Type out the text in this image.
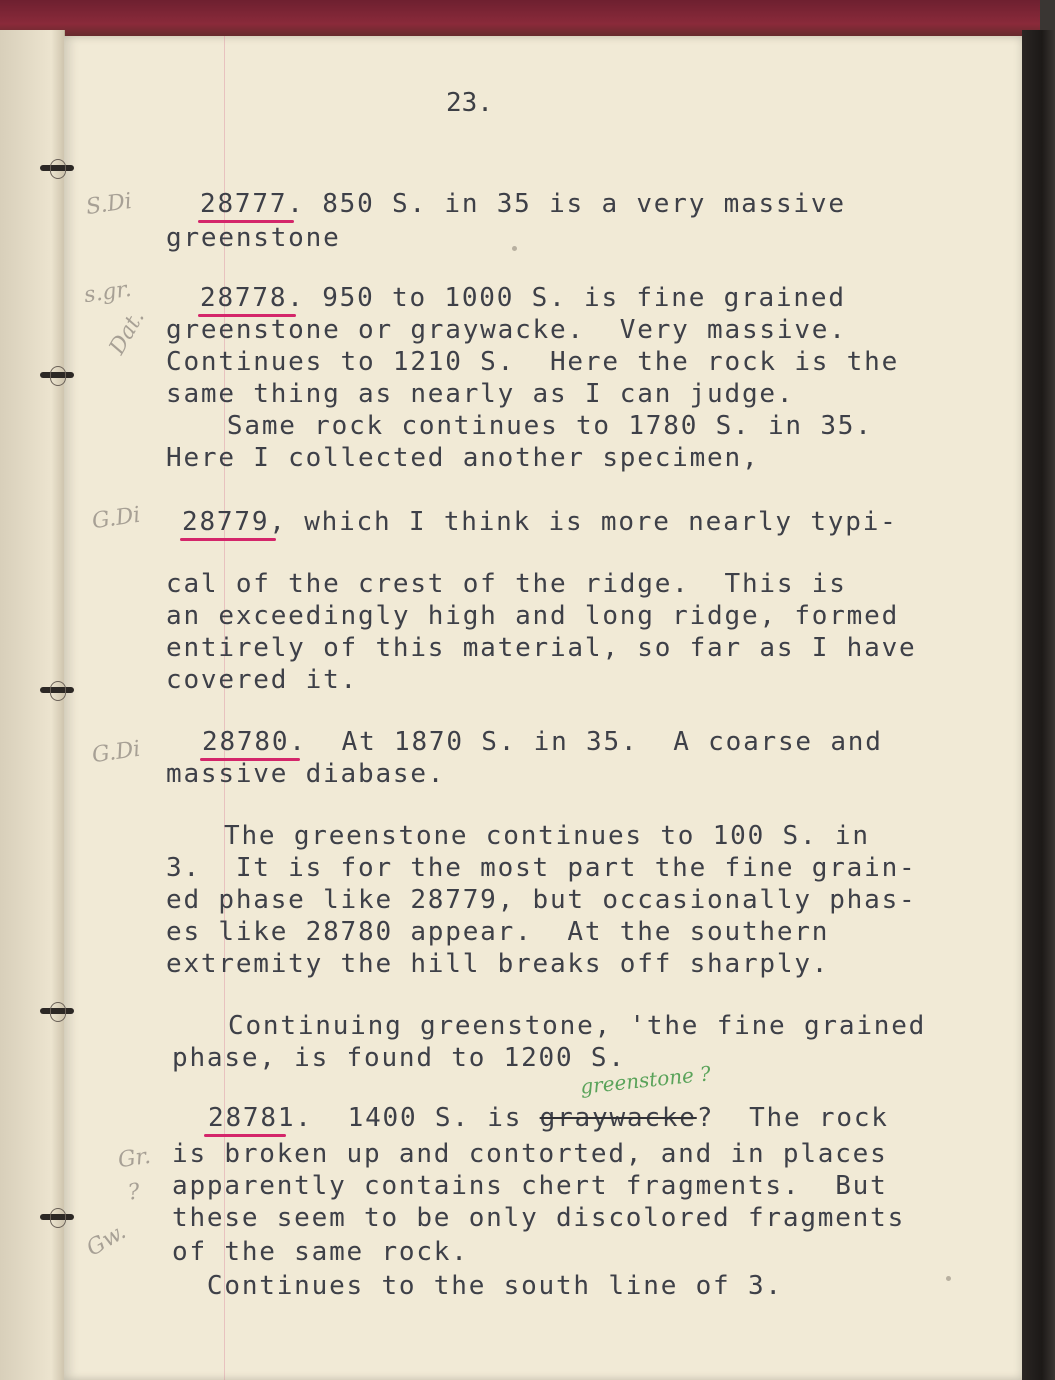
S.Di
s.gr.
Dat.
G.Di
G.Di
Gr.
?
Gw.
23.
28777. 850 S. in 35 is a very massive
greenstone
28778. 950 to 1000 S. is fine grained
greenstone or graywacke.  Very massive.
Continues to 1210 S.  Here the rock is the
same thing as nearly as I can judge.
Same rock continues to 1780 S. in 35.
Here I collected another specimen,
28779, which I think is more nearly typi-
cal of the crest of the ridge.  This is
an exceedingly high and long ridge, formed
entirely of this material, so far as I have
covered it.
28780.  At 1870 S. in 35.  A coarse and
massive diabase.
The greenstone continues to 100 S. in
3.  It is for the most part the fine grain-
ed phase like 28779, but occasionally phas-
es like 28780 appear.  At the southern
extremity the hill breaks off sharply.
Continuing greenstone, 'the fine grained
phase, is found to 1200 S.
greenstone ?
28781.  1400 S. is graywacke?  The rock
is broken up and contorted, and in places
apparently contains chert fragments.  But
these seem to be only discolored fragments
of the same rock.
Continues to the south line of 3.
